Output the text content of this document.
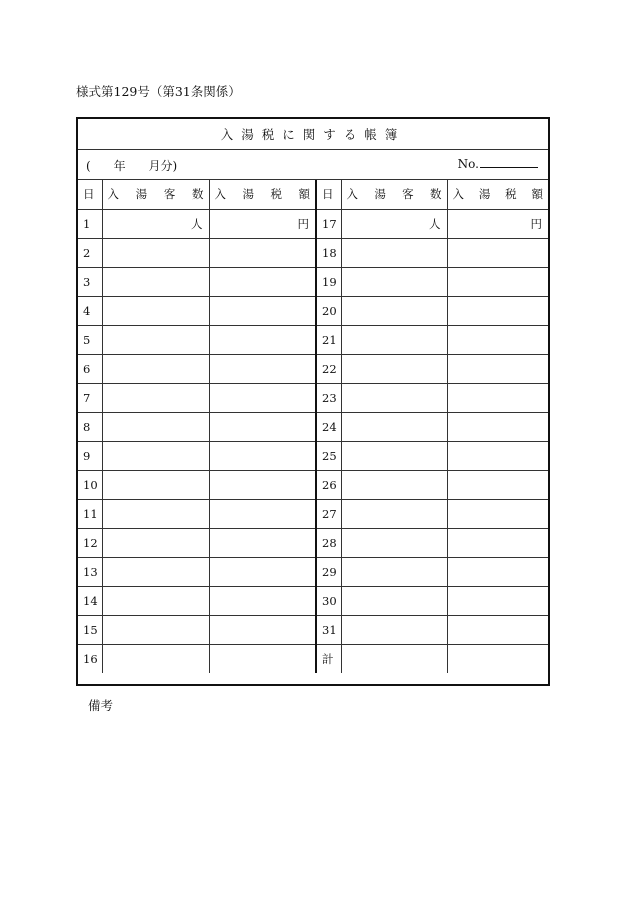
様式第129号（第31条関係）
入湯税に関する帳簿
(      年      月分)	No.
日	入 湯 客 数	入 湯 税 額	日	入 湯 客 数	入 湯 税 額
1	人	円	17	人	円
2			18		
3			19		
4			20		
5			21		
6			22		
7			23		
8			24		
9			25		
10			26		
11			27		
12			28		
13			29		
14			30		
15			31		
16			計		
備考
